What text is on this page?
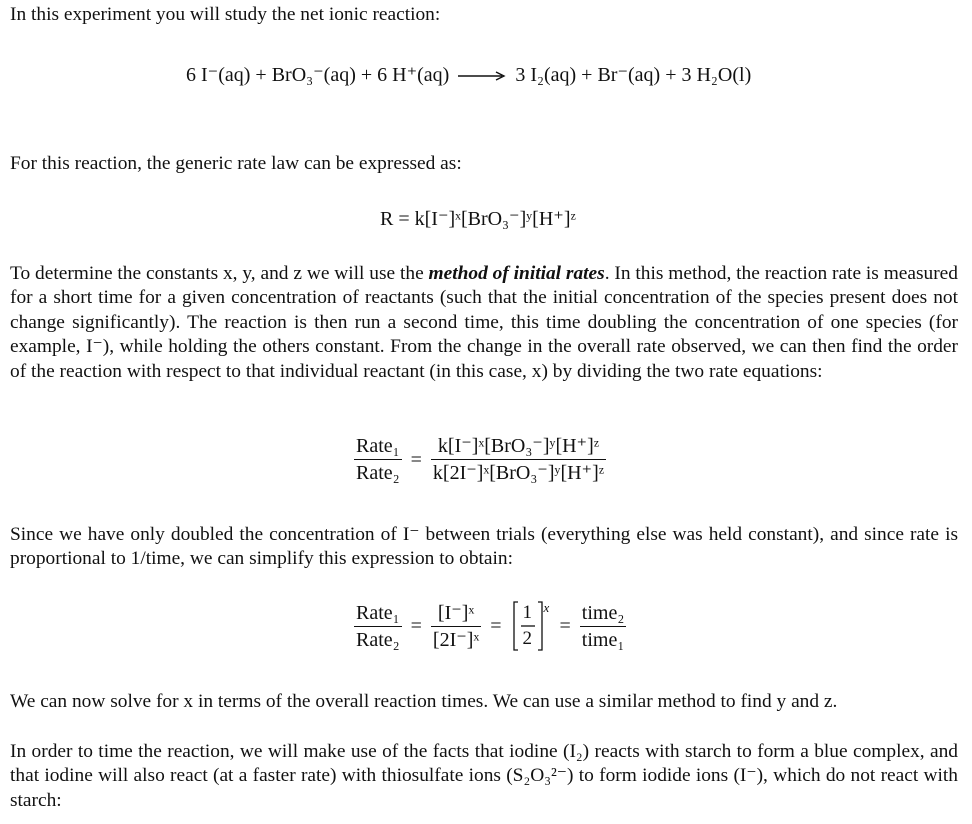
In this experiment you will study the net ionic reaction:

6 I⁻(aq) + BrO₃⁻(aq) + 6 H⁺(aq) → 3 I₂(aq) + Br⁻(aq) + 3 H₂O(l)

For this reaction, the generic rate law can be expressed as:

R = k[I⁻]ˣ[BrO₃⁻]ʸ[H⁺]ᶻ

To determine the constants x, y, and z we will use the method of initial rates. In this method, the reaction rate is measured for a short time for a given concentration of reactants (such that the initial concentration of the species present does not change significantly). The reaction is then run a second time, this time doubling the concentration of one species (for example, I⁻), while holding the others constant. From the change in the overall rate observed, we can then find the order of the reaction with respect to that individual reactant (in this case, x) by dividing the two rate equations:

$\frac{\text{Rate₁}}{\text{Rate₂}} = \frac{\text{k[I⁻]ˣ[BrO₃⁻]ʸ[H⁺]ᶻ}}{\text{k[2I⁻]ˣ[BrO₃⁻]ʸ[H⁺]ᶻ}}$

Since we have only doubled the concentration of I⁻ between trials (everything else was held constant), and since rate is proportional to 1/time, we can simplify this expression to obtain:

$\frac{\text{Rate₁}}{\text{Rate₂}} = \frac{\text{[I⁻]ˣ}}{\text{[2I⁻]ˣ}}$ =
1
2
x
= $\frac{\text{time₂}}{\text{time₁}}$

We can now solve for x in terms of the overall reaction times. We can use a similar method to find y and z.

In order to time the reaction, we will make use of the facts that iodine (I₂) reacts with starch to form a blue complex, and that iodine will also react (at a faster rate) with thiosulfate ions (S₂O₃²⁻) to form iodide ions (I⁻), which do not react with starch:
